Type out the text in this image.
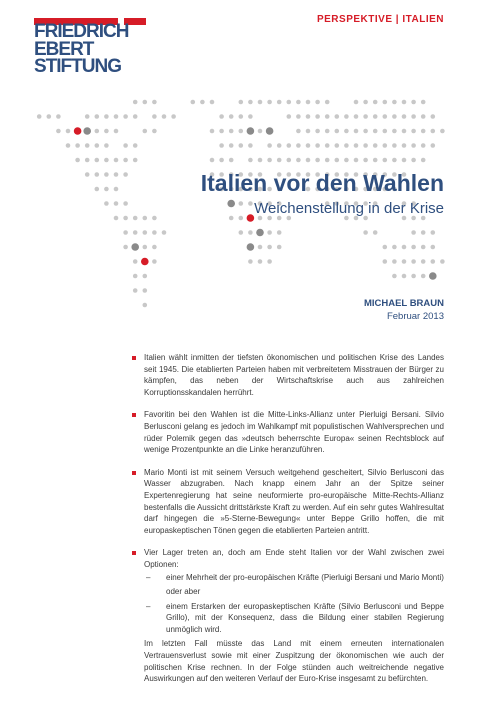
FRIEDRICH
EBERT
STIFTUNG
PERSPEKTIVE | ITALIEN
Italien vor den Wahlen
Weichenstellung in der Krise
MICHAEL BRAUN
Februar 2013
Italien wählt inmitten der tiefsten ökonomischen und politischen Krise des Landes seit 1945. Die etablierten Parteien haben mit verbreitetem Misstrauen der Bürger zu kämpfen, das neben der Wirtschaftskrise auch aus zahlreichen Korruptionsskandalen herrührt.
Favoritin bei den Wahlen ist die Mitte-Links-Allianz unter Pierluigi Bersani. Silvio Berlusconi gelang es jedoch im Wahlkampf mit populistischen Wahlversprechen und rüder Polemik gegen das »deutsch beherrschte Europa« seinen Rechtsblock auf wenige Prozentpunkte an die Linke heranzuführen.
Mario Monti ist mit seinem Versuch weitgehend gescheitert, Silvio Berlusconi das Wasser abzugraben. Nach knapp einem Jahr an der Spitze seiner Expertenregierung hat seine neuformierte pro-europäische Mitte-Rechts-Allianz bestenfalls die Aussicht drittstärkste Kraft zu werden. Auf ein sehr gutes Wahlresultat darf hingegen die »5-Sterne-Bewegung« unter Beppe Grillo hoffen, die mit europaskeptischen Tönen gegen die etablierten Parteien antritt.
Vier Lager treten an, doch am Ende steht Italien vor der Wahl zwischen zwei Optionen:
– einer Mehrheit der pro-europäischen Kräfte (Pierluigi Bersani und Mario Monti)
oder aber
– einem Erstarken der europaskeptischen Kräfte (Silvio Berlusconi und Beppe Grillo), mit der Konsequenz, dass die Bildung einer stabilen Regierung unmöglich wird.
Im letzten Fall müsste das Land mit einem erneuten internationalen Vertrauensverlust sowie mit einer Zuspitzung der ökonomischen wie auch der politischen Krise rechnen. In der Folge stünden auch weitreichende negative Auswirkungen auf den weiteren Verlauf der Euro-Krise insgesamt zu befürchten.
